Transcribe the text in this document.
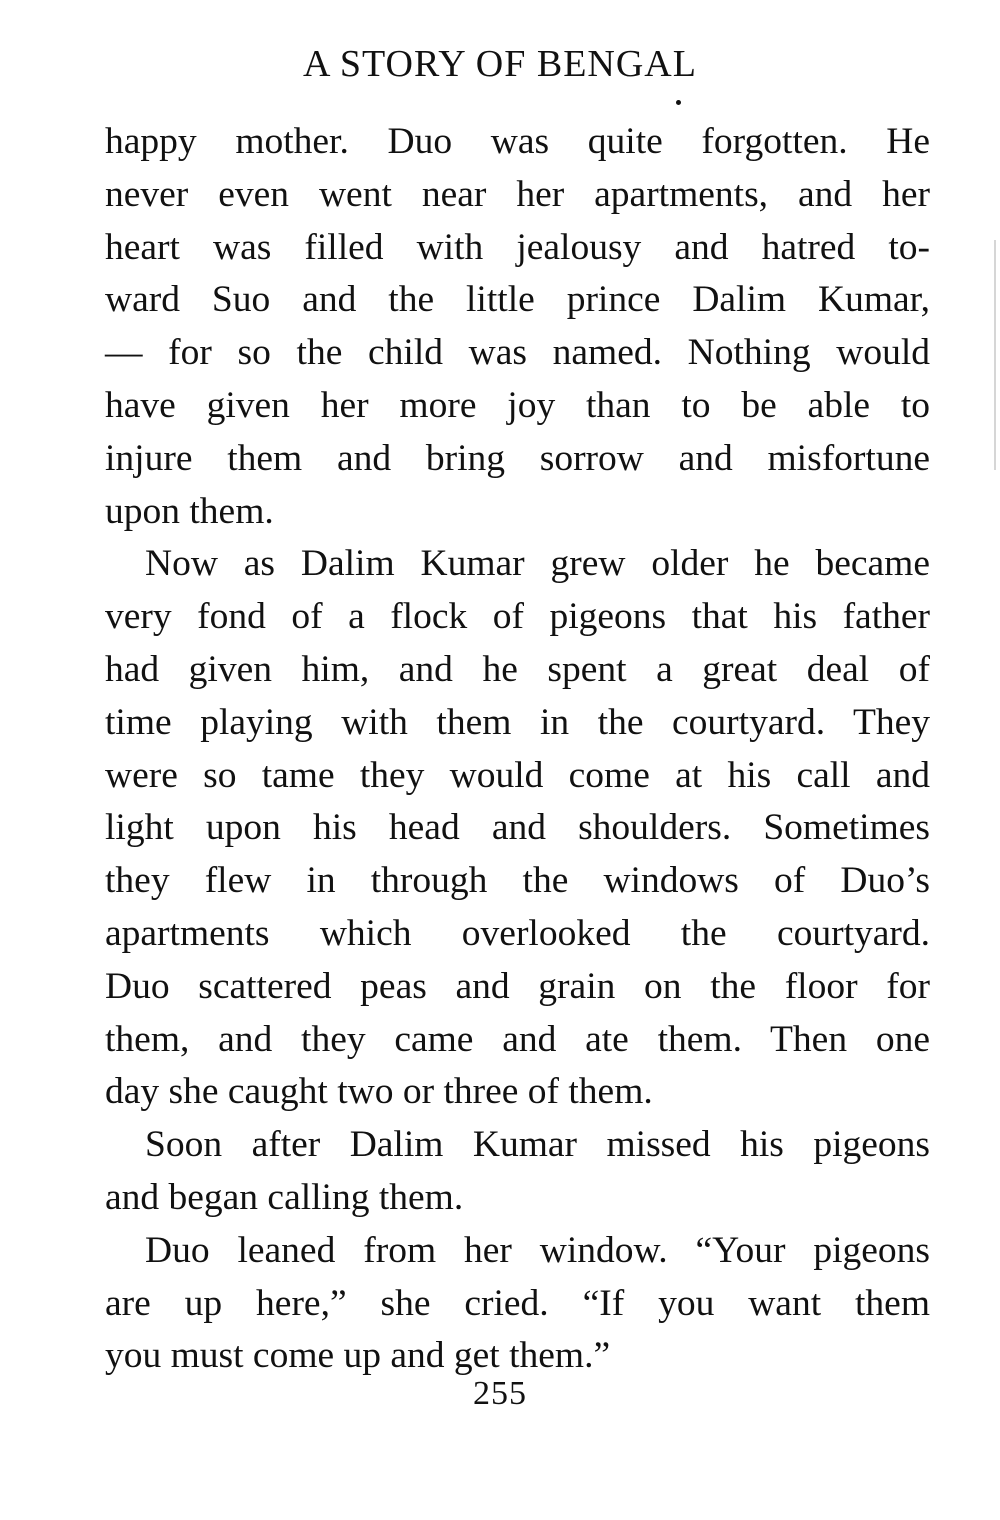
A STORY OF BENGAL
happy mother. Duo was quite forgotten. He
never even went near her apartments, and her
heart was filled with jealousy and hatred to-
ward Suo and the little prince Dalim Kumar,
— for so the child was named. Nothing would
have given her more joy than to be able to
injure them and bring sorrow and misfortune
upon them.
Now as Dalim Kumar grew older he became
very fond of a flock of pigeons that his father
had given him, and he spent a great deal of
time playing with them in the courtyard. They
were so tame they would come at his call and
light upon his head and shoulders. Sometimes
they flew in through the windows of Duo’s
apartments which overlooked the courtyard.
Duo scattered peas and grain on the floor for
them, and they came and ate them. Then one
day she caught two or three of them.
Soon after Dalim Kumar missed his pigeons
and began calling them.
Duo leaned from her window. “Your pigeons
are up here,” she cried. “If you want them
you must come up and get them.”
255
